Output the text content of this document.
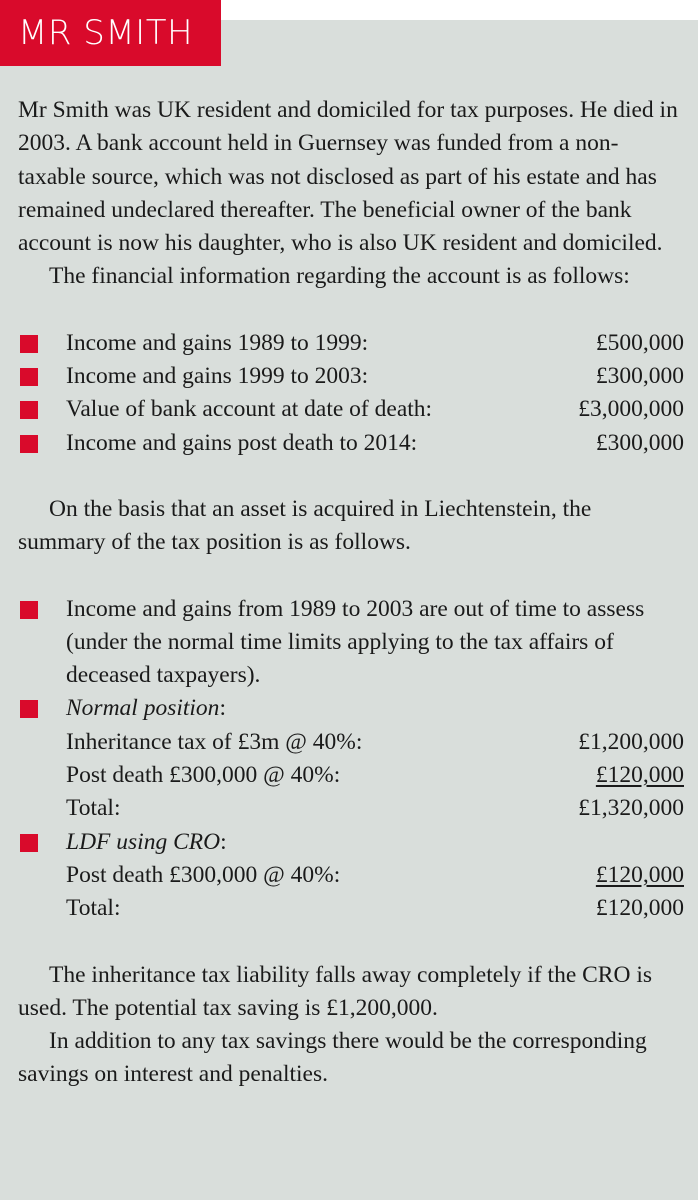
MR SMITH

Mr Smith was UK resident and domiciled for tax purposes. He died in 2003. A bank account held in Guernsey was funded from a non-taxable source, which was not disclosed as part of his estate and has remained undeclared thereafter. The beneficial owner of the bank account is now his daughter, who is also UK resident and domiciled.

The financial information regarding the account is as follows:

Income and gains 1989 to 1999:	£500,000
Income and gains 1999 to 2003:	£300,000
Value of bank account at date of death:	£3,000,000
Income and gains post death to 2014:	£300,000

On the basis that an asset is acquired in Liechtenstein, the summary of the tax position is as follows.

Income and gains from 1989 to 2003 are out of time to assess (under the normal time limits applying to the tax affairs of deceased taxpayers).
Normal position:
Inheritance tax of £3m @ 40%:	£1,200,000
Post death £300,000 @ 40%:	£120,000
Total:	£1,320,000
LDF using CRO:
Post death £300,000 @ 40%:	£120,000
Total:	£120,000

The inheritance tax liability falls away completely if the CRO is used. The potential tax saving is £1,200,000.

In addition to any tax savings there would be the corresponding savings on interest and penalties.
